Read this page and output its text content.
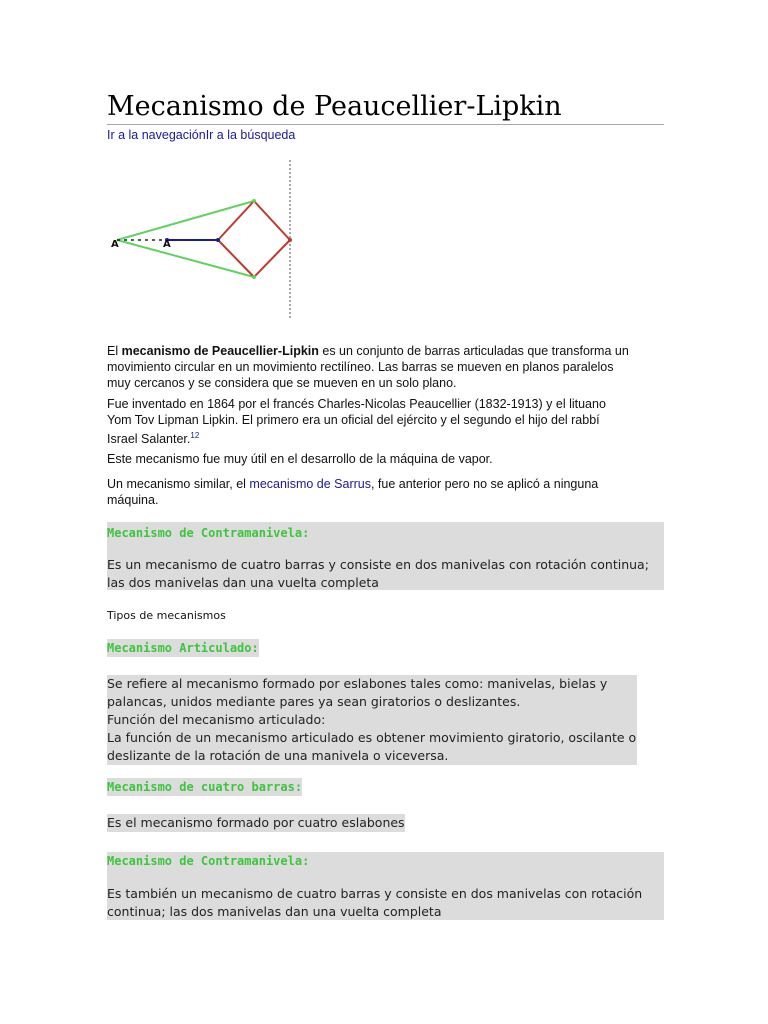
Mecanismo de Peaucellier-Lipkin
Ir a la navegaciónIr a la búsqueda
A	A

El mecanismo de Peaucellier-Lipkin es un conjunto de barras articuladas que transforma un
movimiento circular en un movimiento rectilíneo. Las barras se mueven en planos paralelos
muy cercanos y se considera que se mueven en un solo plano.

Fue inventado en 1864 por el francés Charles-Nicolas Peaucellier (1832-1913) y el lituano
Yom Tov Lipman Lipkin. El primero era un oficial del ejército y el segundo el hijo del rabbí
Israel Salanter.$^{12}$

Este mecanismo fue muy útil en el desarrollo de la máquina de vapor.

Un mecanismo similar, el mecanismo de Sarrus, fue anterior pero no se aplicó a ninguna
máquina.

Mecanismo de Contramanivela:
Es un mecanismo de cuatro barras y consiste en dos manivelas con rotación continua;
las dos manivelas dan una vuelta completa
Tipos de mecanismos
Mecanismo Articulado:
Se refiere al mecanismo formado por eslabones tales como: manivelas, bielas y
palancas, unidos mediante pares ya sean giratorios o deslizantes.
Función del mecanismo articulado:
La función de un mecanismo articulado es obtener movimiento giratorio, oscilante o
deslizante de la rotación de una manivela o viceversa.
Mecanismo de cuatro barras:
Es el mecanismo formado por cuatro eslabones
Mecanismo de Contramanivela:
Es también un mecanismo de cuatro barras y consiste en dos manivelas con rotación
continua; las dos manivelas dan una vuelta completa
